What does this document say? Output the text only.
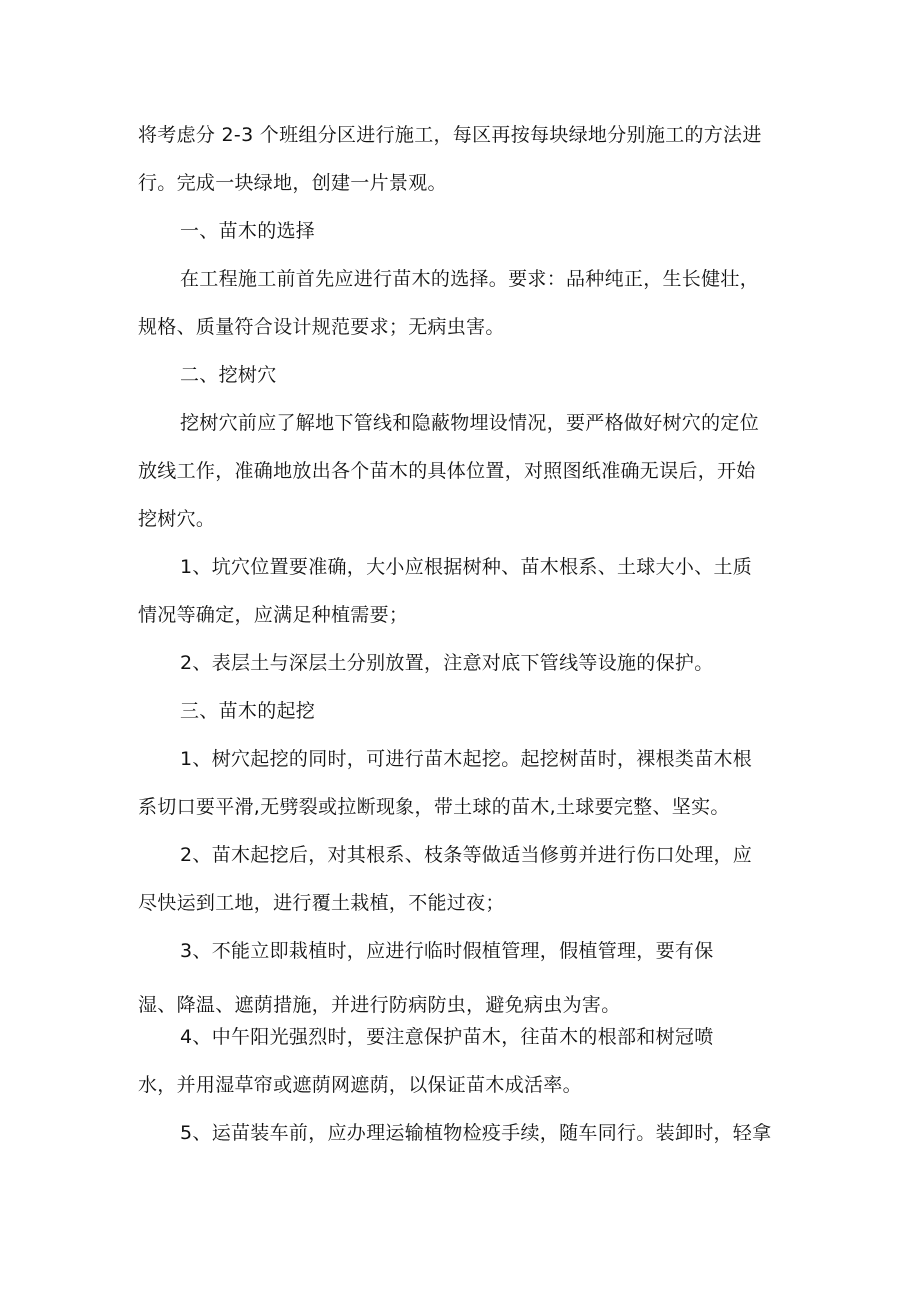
将考虑分 2-3 个班组分区进行施工，每区再按每块绿地分别施工的方法进
行。完成一块绿地，创建一片景观。
一、苗木的选择
在工程施工前首先应进行苗木的选择。要求：品种纯正，生长健壮，
规格、质量符合设计规范要求；无病虫害。
二、挖树穴
挖树穴前应了解地下管线和隐蔽物埋设情况，要严格做好树穴的定位
放线工作，准确地放出各个苗木的具体位置，对照图纸准确无误后，开始
挖树穴。
1、坑穴位置要准确，大小应根据树种、苗木根系、土球大小、土质
情况等确定，应满足种植需要；
2、表层土与深层土分别放置，注意对底下管线等设施的保护。
三、苗木的起挖
1、树穴起挖的同时，可进行苗木起挖。起挖树苗时，裸根类苗木根
系切口要平滑,无劈裂或拉断现象，带土球的苗木,土球要完整、坚实。
2、苗木起挖后，对其根系、枝条等做适当修剪并进行伤口处理，应
尽快运到工地，进行覆土栽植，不能过夜；
3、不能立即栽植时，应进行临时假植管理，假植管理，要有保
湿、降温、遮荫措施，并进行防病防虫，避免病虫为害。
4、中午阳光强烈时，要注意保护苗木，往苗木的根部和树冠喷
水，并用湿草帘或遮荫网遮荫，以保证苗木成活率。
5、运苗装车前，应办理运输植物检疫手续，随车同行。装卸时，轻拿
